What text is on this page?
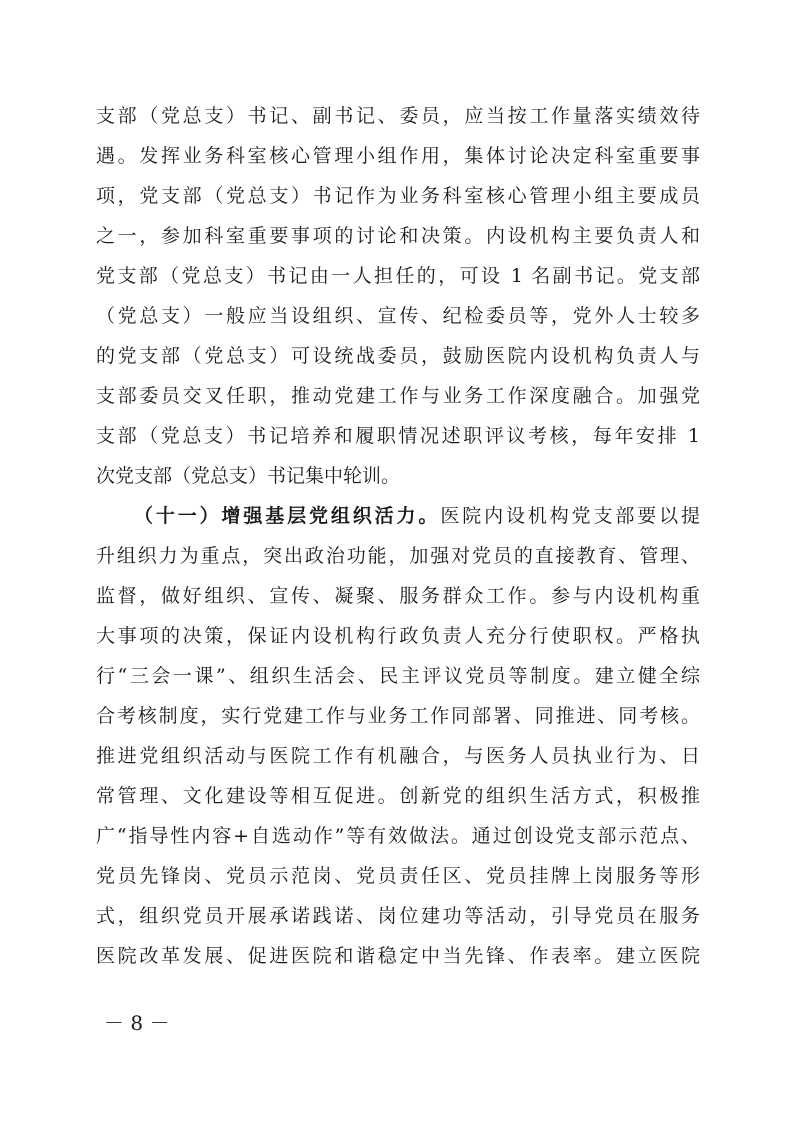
支部（党总支）书记、副书记、委员，应当按工作量落实绩效待
遇。发挥业务科室核心管理小组作用，集体讨论决定科室重要事
项，党支部（党总支）书记作为业务科室核心管理小组主要成员
之一，参加科室重要事项的讨论和决策。内设机构主要负责人和
党支部（党总支）书记由一人担任的，可设 1 名副书记。党支部
（党总支）一般应当设组织、宣传、纪检委员等，党外人士较多
的党支部（党总支）可设统战委员，鼓励医院内设机构负责人与
支部委员交叉任职，推动党建工作与业务工作深度融合。加强党
支部（党总支）书记培养和履职情况述职评议考核，每年安排 1
次党支部（党总支）书记集中轮训。
（十一）增强基层党组织活力。医院内设机构党支部要以提
升组织力为重点，突出政治功能，加强对党员的直接教育、管理、
监督，做好组织、宣传、凝聚、服务群众工作。参与内设机构重
大事项的决策，保证内设机构行政负责人充分行使职权。严格执
行“三会一课”、组织生活会、民主评议党员等制度。建立健全综
合考核制度，实行党建工作与业务工作同部署、同推进、同考核。
推进党组织活动与医院工作有机融合，与医务人员执业行为、日
常管理、文化建设等相互促进。创新党的组织生活方式，积极推
广“指导性内容+自选动作”等有效做法。通过创设党支部示范点、
党员先锋岗、党员示范岗、党员责任区、党员挂牌上岗服务等形
式，组织党员开展承诺践诺、岗位建功等活动，引导党员在服务
医院改革发展、促进医院和谐稳定中当先锋、作表率。建立医院
－ 8 －
